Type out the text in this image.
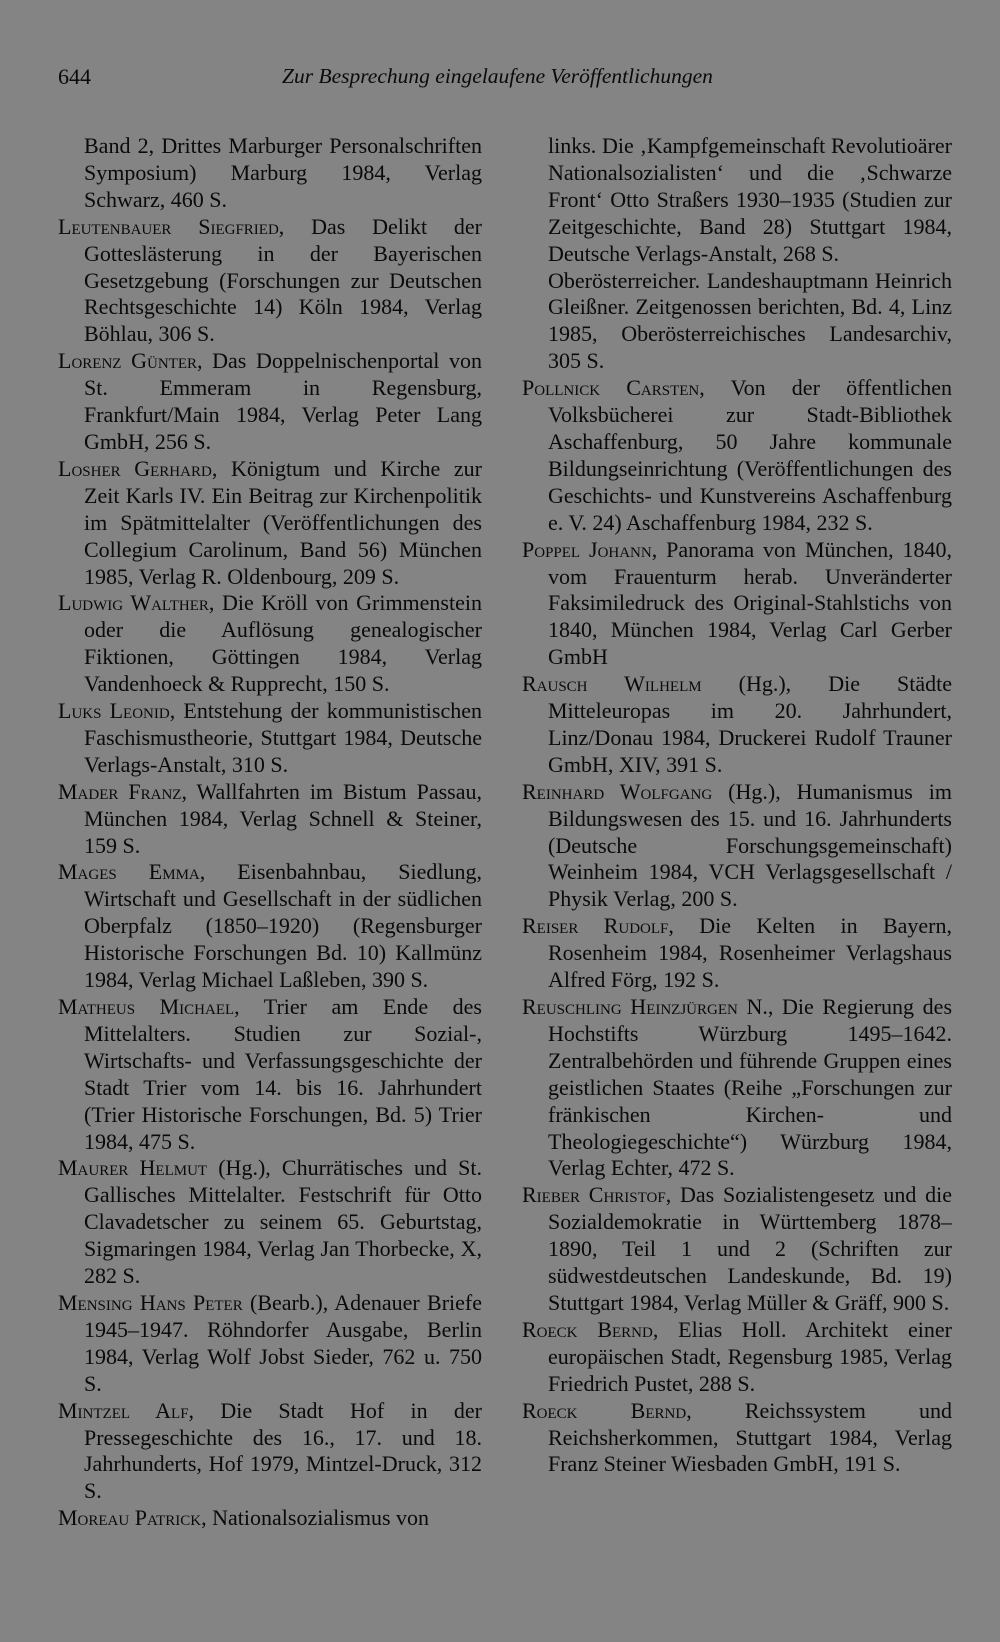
644	Zur Besprechung eingelaufene Veröffentlichungen

Band 2, Drittes Marburger Personalschriften Symposium) Marburg 1984, Verlag Schwarz, 460 S.

Leutenbauer Siegfried, Das Delikt der Gotteslästerung in der Bayerischen Gesetzgebung (Forschungen zur Deutschen Rechtsgeschichte 14) Köln 1984, Verlag Böhlau, 306 S.

Lorenz Günter, Das Doppelnischenportal von St. Emmeram in Regensburg, Frankfurt/Main 1984, Verlag Peter Lang GmbH, 256 S.

Losher Gerhard, Königtum und Kirche zur Zeit Karls IV. Ein Beitrag zur Kirchenpolitik im Spätmittelalter (Veröffentlichungen des Collegium Carolinum, Band 56) München 1985, Verlag R. Oldenbourg, 209 S.

Ludwig Walther, Die Kröll von Grimmenstein oder die Auflösung genealogischer Fiktionen, Göttingen 1984, Verlag Vandenhoeck & Rupprecht, 150 S.

Luks Leonid, Entstehung der kommunistischen Faschismustheorie, Stuttgart 1984, Deutsche Verlags-Anstalt, 310 S.

Mader Franz, Wallfahrten im Bistum Passau, München 1984, Verlag Schnell & Steiner, 159 S.

Mages Emma, Eisenbahnbau, Siedlung, Wirtschaft und Gesellschaft in der südlichen Oberpfalz (1850–1920) (Regensburger Historische Forschungen Bd. 10) Kallmünz 1984, Verlag Michael Laßleben, 390 S.

Matheus Michael, Trier am Ende des Mittelalters. Studien zur Sozial-, Wirtschafts- und Verfassungsgeschichte der Stadt Trier vom 14. bis 16. Jahrhundert (Trier Historische Forschungen, Bd. 5) Trier 1984, 475 S.

Maurer Helmut (Hg.), Churrätisches und St. Gallisches Mittelalter. Festschrift für Otto Clavadetscher zu seinem 65. Geburtstag, Sigmaringen 1984, Verlag Jan Thorbecke, X, 282 S.

Mensing Hans Peter (Bearb.), Adenauer Briefe 1945–1947. Röhndorfer Ausgabe, Berlin 1984, Verlag Wolf Jobst Sieder, 762 u. 750 S.

Mintzel Alf, Die Stadt Hof in der Pressegeschichte des 16., 17. und 18. Jahrhunderts, Hof 1979, Mintzel-Druck, 312 S.

Moreau Patrick, Nationalsozialismus von

links. Die ‚Kampfgemeinschaft Revolutioärer Nationalsozialisten‘ und die ‚Schwarze Front‘ Otto Straßers 1930–1935 (Studien zur Zeitgeschichte, Band 28) Stuttgart 1984, Deutsche Verlags-Anstalt, 268 S.

Oberösterreicher. Landeshauptmann Heinrich Gleißner. Zeitgenossen berichten, Bd. 4, Linz 1985, Oberösterreichisches Landesarchiv, 305 S.

Pollnick Carsten, Von der öffentlichen Volksbücherei zur Stadt-Bibliothek Aschaffenburg, 50 Jahre kommunale Bildungseinrichtung (Veröffentlichungen des Geschichts- und Kunstvereins Aschaffenburg e. V. 24) Aschaffenburg 1984, 232 S.

Poppel Johann, Panorama von München, 1840, vom Frauenturm herab. Unveränderter Faksimiledruck des Original-Stahlstichs von 1840, München 1984, Verlag Carl Gerber GmbH

Rausch Wilhelm (Hg.), Die Städte Mitteleuropas im 20. Jahrhundert, Linz/Donau 1984, Druckerei Rudolf Trauner GmbH, XIV, 391 S.

Reinhard Wolfgang (Hg.), Humanismus im Bildungswesen des 15. und 16. Jahrhunderts (Deutsche Forschungsgemeinschaft) Weinheim 1984, VCH Verlagsgesellschaft / Physik Verlag, 200 S.

Reiser Rudolf, Die Kelten in Bayern, Rosenheim 1984, Rosenheimer Verlagshaus Alfred Förg, 192 S.

Reuschling Heinzjürgen N., Die Regierung des Hochstifts Würzburg 1495–1642. Zentralbehörden und führende Gruppen eines geistlichen Staates (Reihe „Forschungen zur fränkischen Kirchen- und Theologiegeschichte“) Würzburg 1984, Verlag Echter, 472 S.

Rieber Christof, Das Sozialistengesetz und die Sozialdemokratie in Württemberg 1878–1890, Teil 1 und 2 (Schriften zur südwestdeutschen Landeskunde, Bd. 19) Stuttgart 1984, Verlag Müller & Gräff, 900 S.

Roeck Bernd, Elias Holl. Architekt einer europäischen Stadt, Regensburg 1985, Verlag Friedrich Pustet, 288 S.

Roeck Bernd, Reichssystem und Reichsherkommen, Stuttgart 1984, Verlag Franz Steiner Wiesbaden GmbH, 191 S.
